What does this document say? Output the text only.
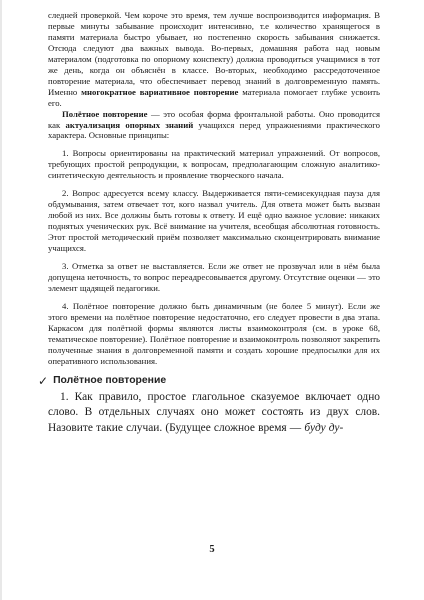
следней проверкой. Чем короче это время, тем лучше воспроизводится информация. В первые минуты забывание происходит интенсивно, т.е количество хранящегося в памяти материала быстро убывает, но постепенно скорость забывания снижается. Отсюда следуют два важных вывода. Во-первых, домашняя работа над новым материалом (подготовка по опорному конспекту) должна проводиться учащимися в тот же день, когда он объяснён в классе. Во-вторых, необходимо рассредоточенное повторение материала, что обеспечивает перевод знаний в долговременную память. Именно многократное вариативное повторение материала помогает глубже усвоить его.

Полётное повторение — это особая форма фронтальной работы. Оно проводится как актуализация опорных знаний учащихся перед упражнениями практического характера. Основные принципы:

1. Вопросы ориентированы на практический материал упражнений. От вопросов, требующих простой репродукции, к вопросам, предполагающим сложную аналитико-синтетическую деятельность и проявление творческого начала.

2. Вопрос адресуется всему классу. Выдерживается пяти-семисекундная пауза для обдумывания, затем отвечает тот, кого назвал учитель. Для ответа может быть вызван любой из них. Все должны быть готовы к ответу. И ещё одно важное условие: никаких поднятых ученических рук. Всё внимание на учителя, всеобщая абсолютная готовность. Этот простой методический приём позволяет максимально сконцентрировать внимание учащихся.

3. Отметка за ответ не выставляется. Если же ответ не прозвучал или в нём была допущена неточность, то вопрос переадресовывается другому. Отсутствие оценки — это элемент щадящей педагогики.

4. Полётное повторение должно быть динамичным (не более 5 минут). Если же этого времени на полётное повторение недостаточно, его следует провести в два этапа. Каркасом для полётной формы являются листы взаимоконтроля (см. в уроке 68, тематическое повторение). Полётное повторение и взаимоконтроль позволяют закрепить полученные знания в долговременной памяти и создать хорошие предпосылки для их оперативного использования.

✓ Полётное повторение

1. Как правило, простое глагольное сказуемое включает одно слово. В отдельных случаях оно может состоять из двух слов. Назовите такие случаи. (Будущее сложное время — буду ду-

5
